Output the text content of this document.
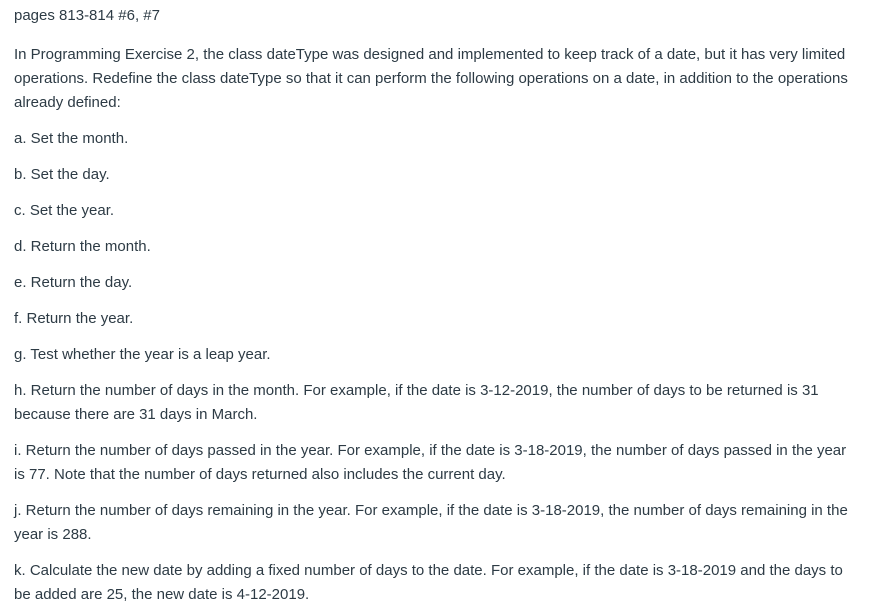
pages 813-814 #6, #7

In Programming Exercise 2, the class dateType was designed and implemented to keep track of a date, but it has very limited operations. Redefine the class dateType so that it can perform the following operations on a date, in addition to the operations already defined:

a. Set the month.
b. Set the day.
c. Set the year.
d. Return the month.
e. Return the day.
f. Return the year.
g. Test whether the year is a leap year.
h. Return the number of days in the month. For example, if the date is 3-12-2019, the number of days to be returned is 31 because there are 31 days in March.
i. Return the number of days passed in the year. For example, if the date is 3-18-2019, the number of days passed in the year is 77. Note that the number of days returned also includes the current day.
j. Return the number of days remaining in the year. For example, if the date is 3-18-2019, the number of days remaining in the year is 288.
k. Calculate the new date by adding a fixed number of days to the date. For example, if the date is 3-18-2019 and the days to be added are 25, the new date is 4-12-2019.
